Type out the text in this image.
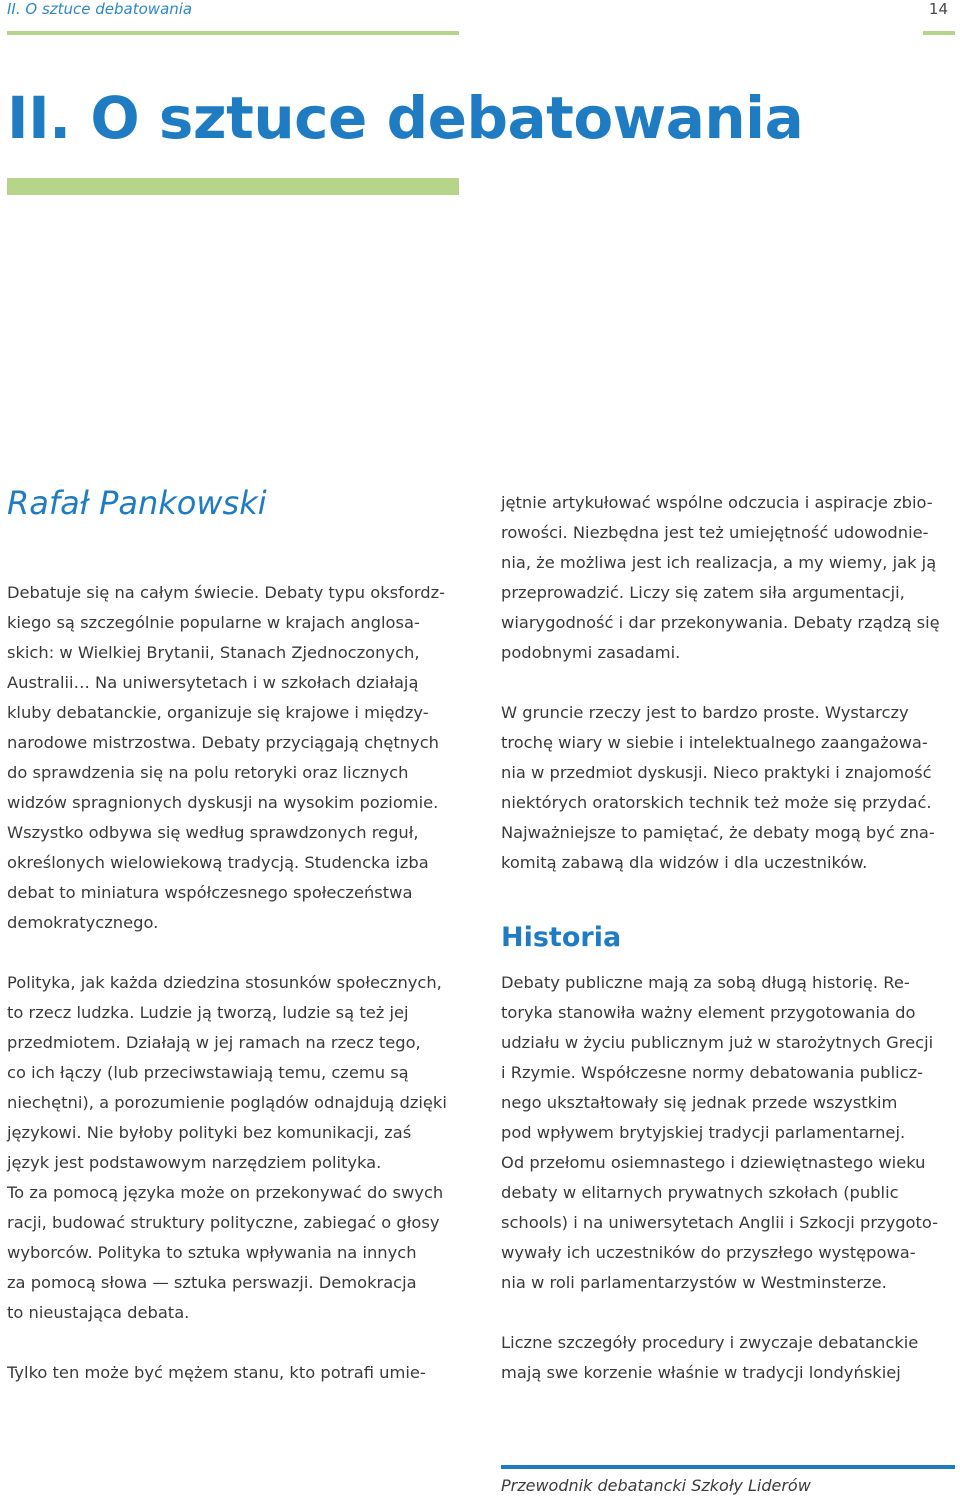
II. O sztuce debatowania	14
II. O sztuce debatowania
Rafał Pankowski

Debatuje się na całym świecie. Debaty typu oksfordz-

kiego są szczególnie popularne w krajach anglosa-

skich: w Wielkiej Brytanii, Stanach Zjednoczonych,

Australii… Na uniwersytetach i w szkołach działają

kluby debatanckie, organizuje się krajowe i między-

narodowe mistrzostwa. Debaty przyciągają chętnych

do sprawdzenia się na polu retoryki oraz licznych

widzów spragnionych dyskusji na wysokim poziomie.

Wszystko odbywa się według sprawdzonych reguł,

określonych wielowiekową tradycją. Studencka izba

debat to miniatura współczesnego społeczeństwa

demokratycznego.

Polityka, jak każda dziedzina stosunków społecznych,

to rzecz ludzka. Ludzie ją tworzą, ludzie są też jej

przedmiotem. Działają w jej ramach na rzecz tego,

co ich łączy (lub przeciwstawiają temu, czemu są

niechętni), a porozumienie poglądów odnajdują dzięki

językowi. Nie byłoby polityki bez komunikacji, zaś

język jest podstawowym narzędziem polityka.

To za pomocą języka może on przekonywać do swych

racji, budować struktury polityczne, zabiegać o głosy

wyborców. Polityka to sztuka wpływania na innych

za pomocą słowa — sztuka perswazji. Demokracja

to nieustająca debata.

Tylko ten może być mężem stanu, kto potrafi umie-

jętnie artykułować wspólne odczucia i aspiracje zbio-

rowości. Niezbędna jest też umiejętność udowodnie-

nia, że możliwa jest ich realizacja, a my wiemy, jak ją

przeprowadzić. Liczy się zatem siła argumentacji,

wiarygodność i dar przekonywania. Debaty rządzą się

podobnymi zasadami.

W gruncie rzeczy jest to bardzo proste. Wystarczy

trochę wiary w siebie i intelektualnego zaangażowa-

nia w przedmiot dyskusji. Nieco praktyki i znajomość

niektórych oratorskich technik też może się przydać.

Najważniejsze to pamiętać, że debaty mogą być zna-

komitą zabawą dla widzów i dla uczestników.

Historia

Debaty publiczne mają za sobą długą historię. Re-

toryka stanowiła ważny element przygotowania do

udziału w życiu publicznym już w starożytnych Grecji

i Rzymie. Współczesne normy debatowania publicz-

nego ukształtowały się jednak przede wszystkim

pod wpływem brytyjskiej tradycji parlamentarnej.

Od przełomu osiemnastego i dziewiętnastego wieku

debaty w elitarnych prywatnych szkołach (public

schools) i na uniwersytetach Anglii i Szkocji przygoto-

wywały ich uczestników do przyszłego występowa-

nia w roli parlamentarzystów w Westminsterze.

Liczne szczegóły procedury i zwyczaje debatanckie

mają swe korzenie właśnie w tradycji londyńskiej

Przewodnik debatancki Szkoły Liderów
